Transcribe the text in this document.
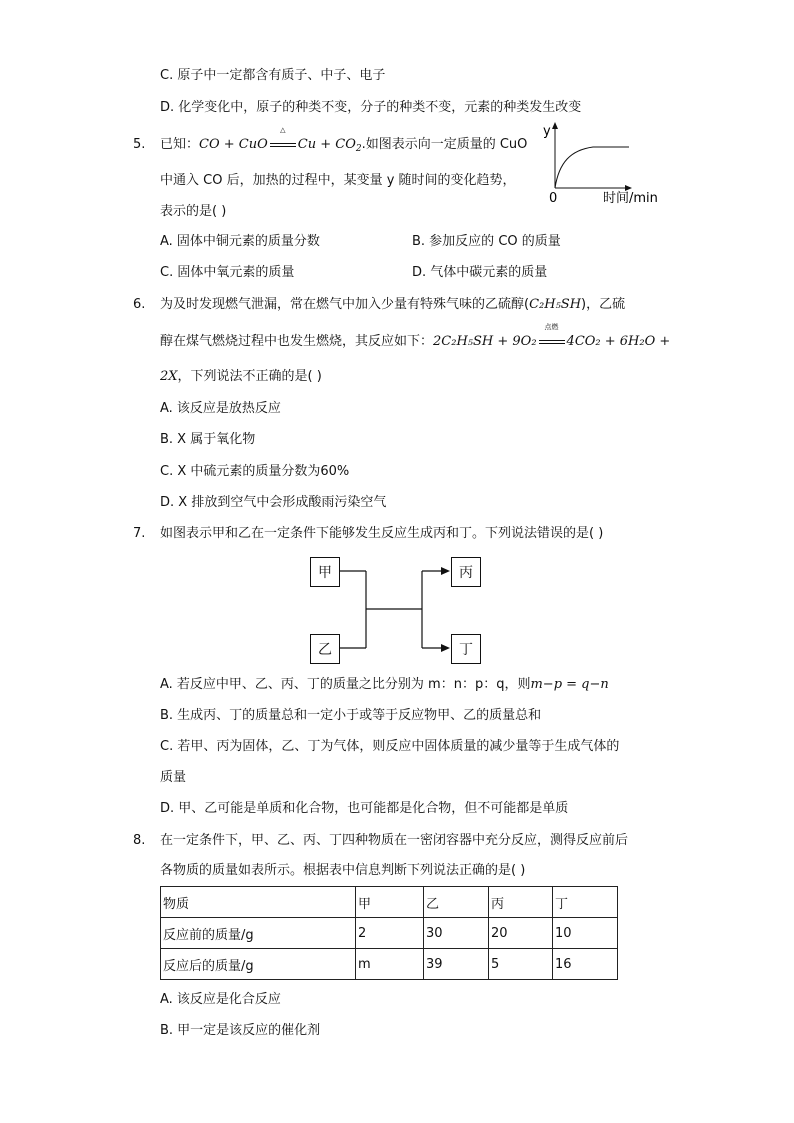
C. 原子中一定都含有质子、中子、电子
D. 化学变化中，原子的种类不变，分子的种类不变，元素的种类发生改变
5. 已知：CO + CuO
△
$Cu + CO_2$.如图表示向一定质量的 CuO
中通入 CO 后，加热的过程中，某变量 y 随时间的变化趋势，
表示的是( )
y
0	时间/min
A. 固体中铜元素的质量分数	B. 参加反应的 CO 的质量
C. 固体中氧元素的质量	D. 气体中碳元素的质量
6. 为及时发现燃气泄漏，常在燃气中加入少量有特殊气味的乙硫醇(C₂H₅SH)，乙硫
醇在煤气燃烧过程中也发生燃烧，其反应如下：2C₂H₅SH + 9O₂
点燃
4CO₂ + 6H₂O +
2X，下列说法不正确的是( )
A. 该反应是放热反应
B. X 属于氧化物
C. X 中硫元素的质量分数为60%
D. X 排放到空气中会形成酸雨污染空气
7. 如图表示甲和乙在一定条件下能够发生反应生成丙和丁。下列说法错误的是( )
甲
乙
丙
丁
A. 若反应中甲、乙、丙、丁的质量之比分别为 m：n：p：q，则m−p = q−n
B. 生成丙、丁的质量总和一定小于或等于反应物甲、乙的质量总和
C. 若甲、丙为固体，乙、丁为气体，则反应中固体质量的减少量等于生成气体的
质量
D. 甲、乙可能是单质和化合物，也可能都是化合物，但不可能都是单质
8. 在一定条件下，甲、乙、丙、丁四种物质在一密闭容器中充分反应，测得反应前后
各物质的质量如表所示。根据表中信息判断下列说法正确的是( )
物质	甲	乙	丙	丁
反应前的质量/g	2	30	20	10
反应后的质量/g	m	39	5	16
A. 该反应是化合反应
B. 甲一定是该反应的催化剂
